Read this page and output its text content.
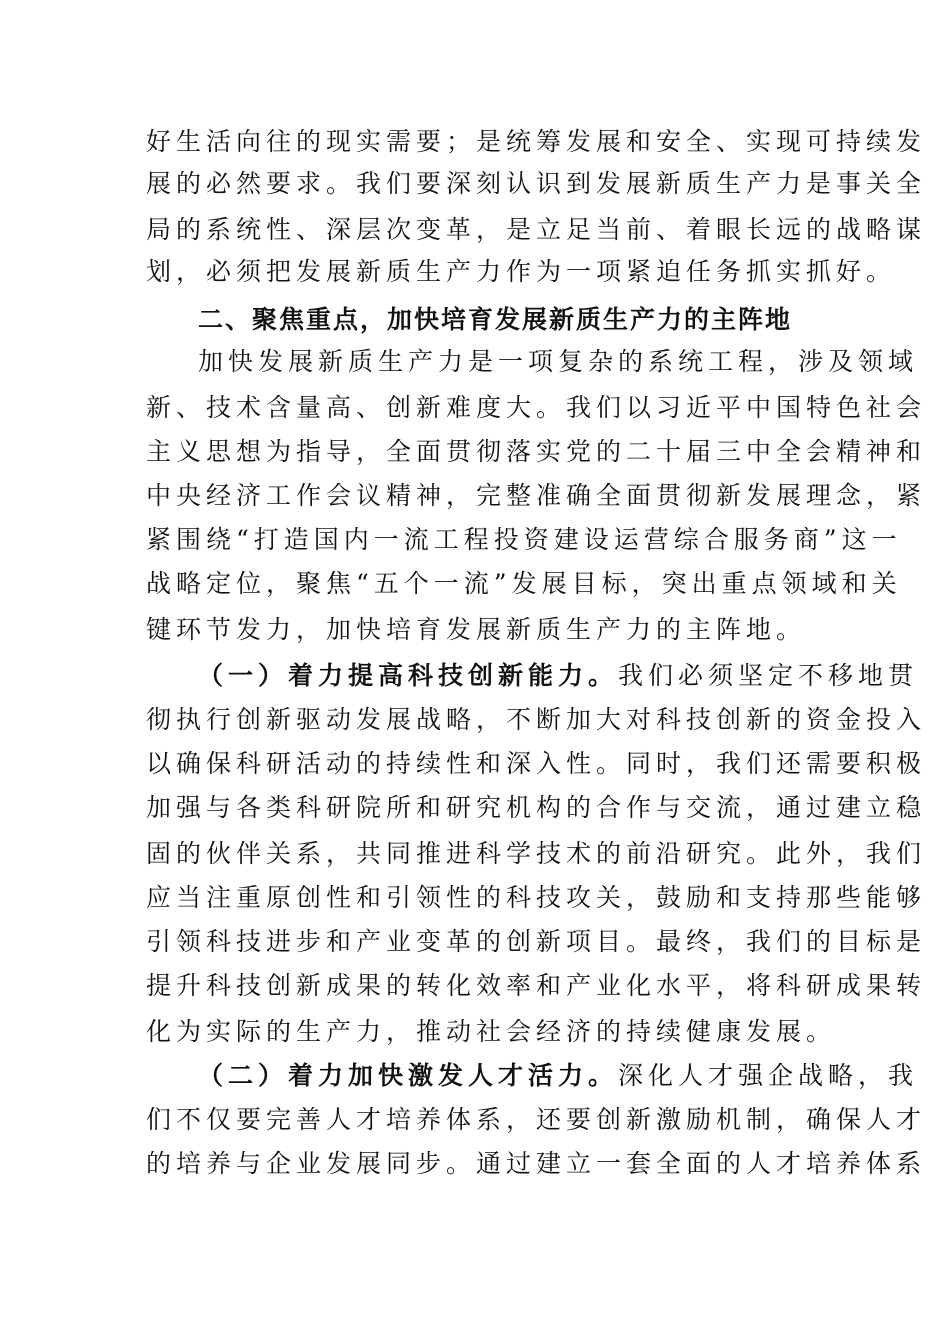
好生活向往的现实需要；是统筹发展和安全、实现可持续发
展的必然要求。我们要深刻认识到发展新质生产力是事关全
局的系统性、深层次变革，是立足当前、着眼长远的战略谋
划，必须把发展新质生产力作为一项紧迫任务抓实抓好。
二、聚焦重点，加快培育发展新质生产力的主阵地
加快发展新质生产力是一项复杂的系统工程，涉及领域
新、技术含量高、创新难度大。我们以习近平中国特色社会
主义思想为指导，全面贯彻落实党的二十届三中全会精神和
中央经济工作会议精神，完整准确全面贯彻新发展理念，紧
紧围绕“打造国内一流工程投资建设运营综合服务商”这一
战略定位，聚焦“五个一流”发展目标，突出重点领域和关
键环节发力，加快培育发展新质生产力的主阵地。
（一）着力提高科技创新能力。我们必须坚定不移地贯
彻执行创新驱动发展战略，不断加大对科技创新的资金投入
以确保科研活动的持续性和深入性。同时，我们还需要积极
加强与各类科研院所和研究机构的合作与交流，通过建立稳
固的伙伴关系，共同推进科学技术的前沿研究。此外，我们
应当注重原创性和引领性的科技攻关，鼓励和支持那些能够
引领科技进步和产业变革的创新项目。最终，我们的目标是
提升科技创新成果的转化效率和产业化水平，将科研成果转
化为实际的生产力，推动社会经济的持续健康发展。
（二）着力加快激发人才活力。深化人才强企战略，我
们不仅要完善人才培养体系，还要创新激励机制，确保人才
的培养与企业发展同步。通过建立一套全面的人才培养体系
